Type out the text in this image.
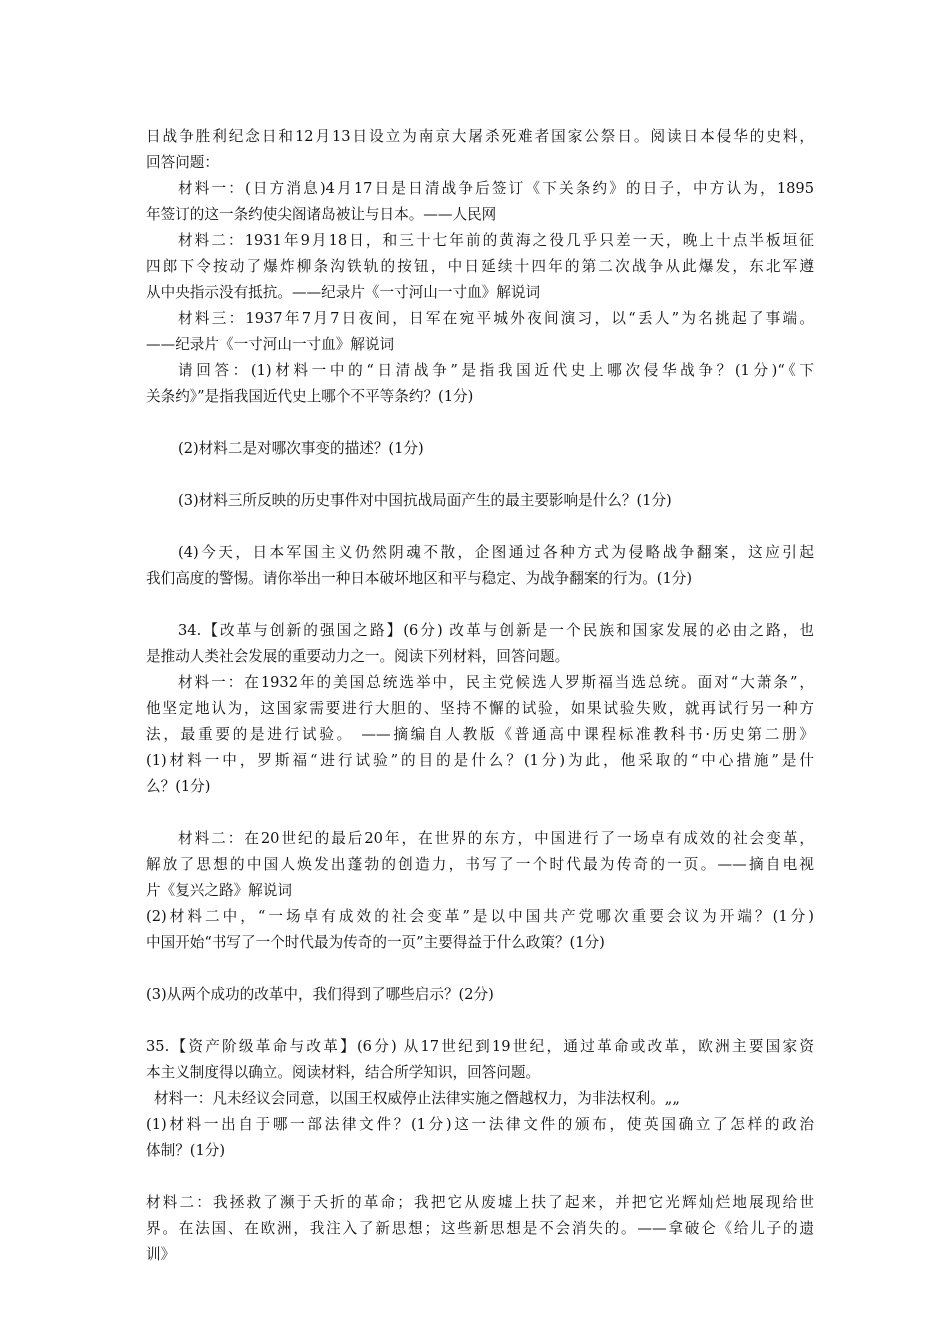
日战争胜利纪念日和12月13日设立为南京大屠杀死难者国家公祭日。阅读日本侵华的史料，
回答问题：
材料一：(日方消息)4月17日是日清战争后签订《下关条约》的日子，中方认为，1895
年签订的这一条约使尖阁诸岛被让与日本。——人民网
材料二：1931年9月18日，和三十七年前的黄海之役几乎只差一天，晚上十点半板垣征
四郎下令按动了爆炸柳条沟铁轨的按钮，中日延续十四年的第二次战争从此爆发，东北军遵
从中央指示没有抵抗。——纪录片《一寸河山一寸血》解说词
材料三：1937年7月7日夜间，日军在宛平城外夜间演习，以“丢人”为名挑起了事端。
——纪录片《一寸河山一寸血》解说词
请回答：(1)材料一中的“日清战争”是指我国近代史上哪次侵华战争？(1分)“《下
关条约》”是指我国近代史上哪个不平等条约？(1分)
(2)材料二是对哪次事变的描述？(1分)
(3)材料三所反映的历史事件对中国抗战局面产生的最主要影响是什么？(1分)
(4)今天，日本军国主义仍然阴魂不散，企图通过各种方式为侵略战争翻案，这应引起
我们高度的警惕。请你举出一种日本破坏地区和平与稳定、为战争翻案的行为。(1分)
34.【改革与创新的强国之路】(6分) 改革与创新是一个民族和国家发展的必由之路，也
是推动人类社会发展的重要动力之一。阅读下列材料，回答问题。
材料一：在1932年的美国总统选举中，民主党候选人罗斯福当选总统。面对“大萧条”，
他坚定地认为，这国家需要进行大胆的、坚持不懈的试验，如果试验失败，就再试行另一种方
法，最重要的是进行试验。 ——摘编自人教版《普通高中课程标准教科书·历史第二册》
(1)材料一中，罗斯福“进行试验”的目的是什么？(1分)为此，他采取的“中心措施”是什
么？(1分)
材料二：在20世纪的最后20年，在世界的东方，中国进行了一场卓有成效的社会变革，
解放了思想的中国人焕发出蓬勃的创造力，书写了一个时代最为传奇的一页。——摘自电视
片《复兴之路》解说词
(2)材料二中，“一场卓有成效的社会变革”是以中国共产党哪次重要会议为开端？(1分)
中国开始“书写了一个时代最为传奇的一页”主要得益于什么政策？(1分)
(3)从两个成功的改革中，我们得到了哪些启示？(2分)
35.【资产阶级革命与改革】(6分) 从17世纪到19世纪，通过革命或改革，欧洲主要国家资
本主义制度得以确立。阅读材料，结合所学知识，回答问题。
材料一：凡未经议会同意，以国王权威停止法律实施之僭越权力，为非法权利。„„
(1)材料一出自于哪一部法律文件？(1分)这一法律文件的颁布，使英国确立了怎样的政治
体制？(1分)
材料二：我拯救了濒于夭折的革命；我把它从废墟上扶了起来，并把它光辉灿烂地展现给世
界。在法国、在欧洲，我注入了新思想；这些新思想是不会消失的。——拿破仑《给儿子的遗
训》
